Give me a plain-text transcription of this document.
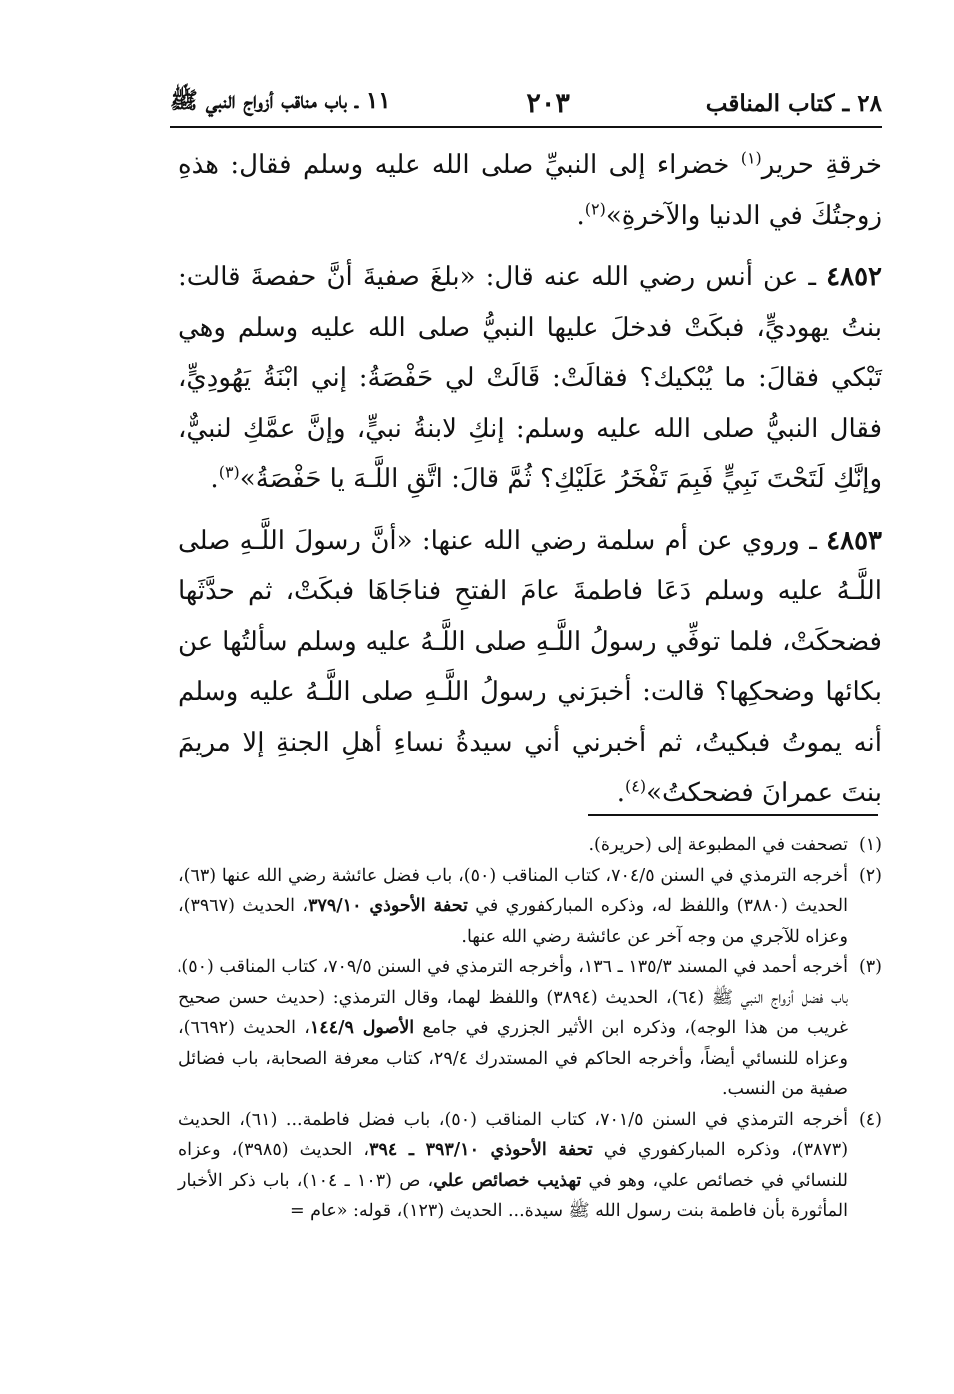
٢٨ ـ كتاب المناقب
٢٠٣
١١ ـ باب مناقب أزواج النبي ﷺ

خرقةِ حرير$^{(١)}$ خضراء إلى النبيِّ صلى الله عليه وسلم فقال: هذهِ زوجتُكَ في الدنيا والآخرةِ»$^{(٢)}$.

٤٨٥٢ ـ عن أنس رضي الله عنه قال: «بلغَ صفيةَ أنَّ حفصةَ قالت: بنتُ يهوديٍّ، فبكَتْ فدخلَ عليها النبيُّ صلى الله عليه وسلم وهي تَبْكي فقالَ: ما يُبْكيك؟ فقالَتْ: قَالَتْ لي حَفْصَةُ: إني ابْنَةُ يَهُودِيٍّ، فقال النبيُّ صلى الله عليه وسلم: إنكِ لابنةُ نبيٍّ، وإنَّ عمَّكِ لنبيٌّ، وإنَّكِ لَتَحْتَ نَبِيٍّ فَبِمَ تَفْخَرُ عَلَيْكِ؟ ثُمَّ قالَ: اتَّقِ اللَّـهَ يا حَفْصَةُ»$^{(٣)}$.

٤٨٥٣ ـ وروي عن أم سلمة رضي الله عنها: «أنَّ رسولَ اللَّـهِ صلى اللَّـهُ عليه وسلم دَعَا فاطمةَ عامَ الفتحِ فناجَاهَا فبكَتْ، ثم حدَّثَها فضحكَتْ، فلما توفِّي رسولُ اللَّـهِ صلى اللَّـهُ عليه وسلم سألتُها عن بكائها وضحكِها؟ قالت: أخبرَني رسولُ اللَّـهِ صلى اللَّـهُ عليه وسلم أنه يموتُ فبكيتُ، ثم أخبرني أني سيدةُ نساءِ أهلِ الجنةِ إلا مريمَ بنتَ عمرانَ فضحكتُ»$^{(٤)}$.

(١)
تصحفت في المطبوعة إلى (حريرة).
(٢)
أخرجه الترمذي في السنن ٧٠٤/٥، كتاب المناقب (٥٠)، باب فضل عائشة رضي الله عنها (٦٣)، الحديث (٣٨٨٠) واللفظ له، وذكره المباركفوري في تحفة الأحوذي ٣٧٩/١٠، الحديث (٣٩٦٧)، وعزاه للآجري من وجه آخر عن عائشة رضي الله عنها.
(٣)
أخرجه أحمد في المسند ١٣٥/٣ ـ ١٣٦، وأخرجه الترمذي في السنن ٧٠٩/٥، كتاب المناقب (٥٠)، باب فضل أزواج النبي ﷺ (٦٤)، الحديث (٣٨٩٤) واللفظ لهما، وقال الترمذي: (حديث حسن صحيح غريب من هذا الوجه)، وذكره ابن الأثير الجزري في جامع الأصول ١٤٤/٩، الحديث (٦٦٩٢)، وعزاه للنسائي أيضاً، وأخرجه الحاكم في المستدرك ٢٩/٤، كتاب معرفة الصحابة، باب فضائل صفية من النسب.
(٤)
أخرجه الترمذي في السنن ٧٠١/٥، كتاب المناقب (٥٠)، باب فضل فاطمة... (٦١)، الحديث (٣٨٧٣)، وذكره المباركفوري في تحفة الأحوذي ٣٩٣/١٠ ـ ٣٩٤، الحديث (٣٩٨٥)، وعزاه للنسائي في خصائص علي، وهو في تهذيب خصائص علي، ص (١٠٣ ـ ١٠٤)، باب ذكر الأخبار المأثورة بأن فاطمة بنت رسول الله ﷺ سيدة... الحديث (١٢٣)، قوله: «عام =
